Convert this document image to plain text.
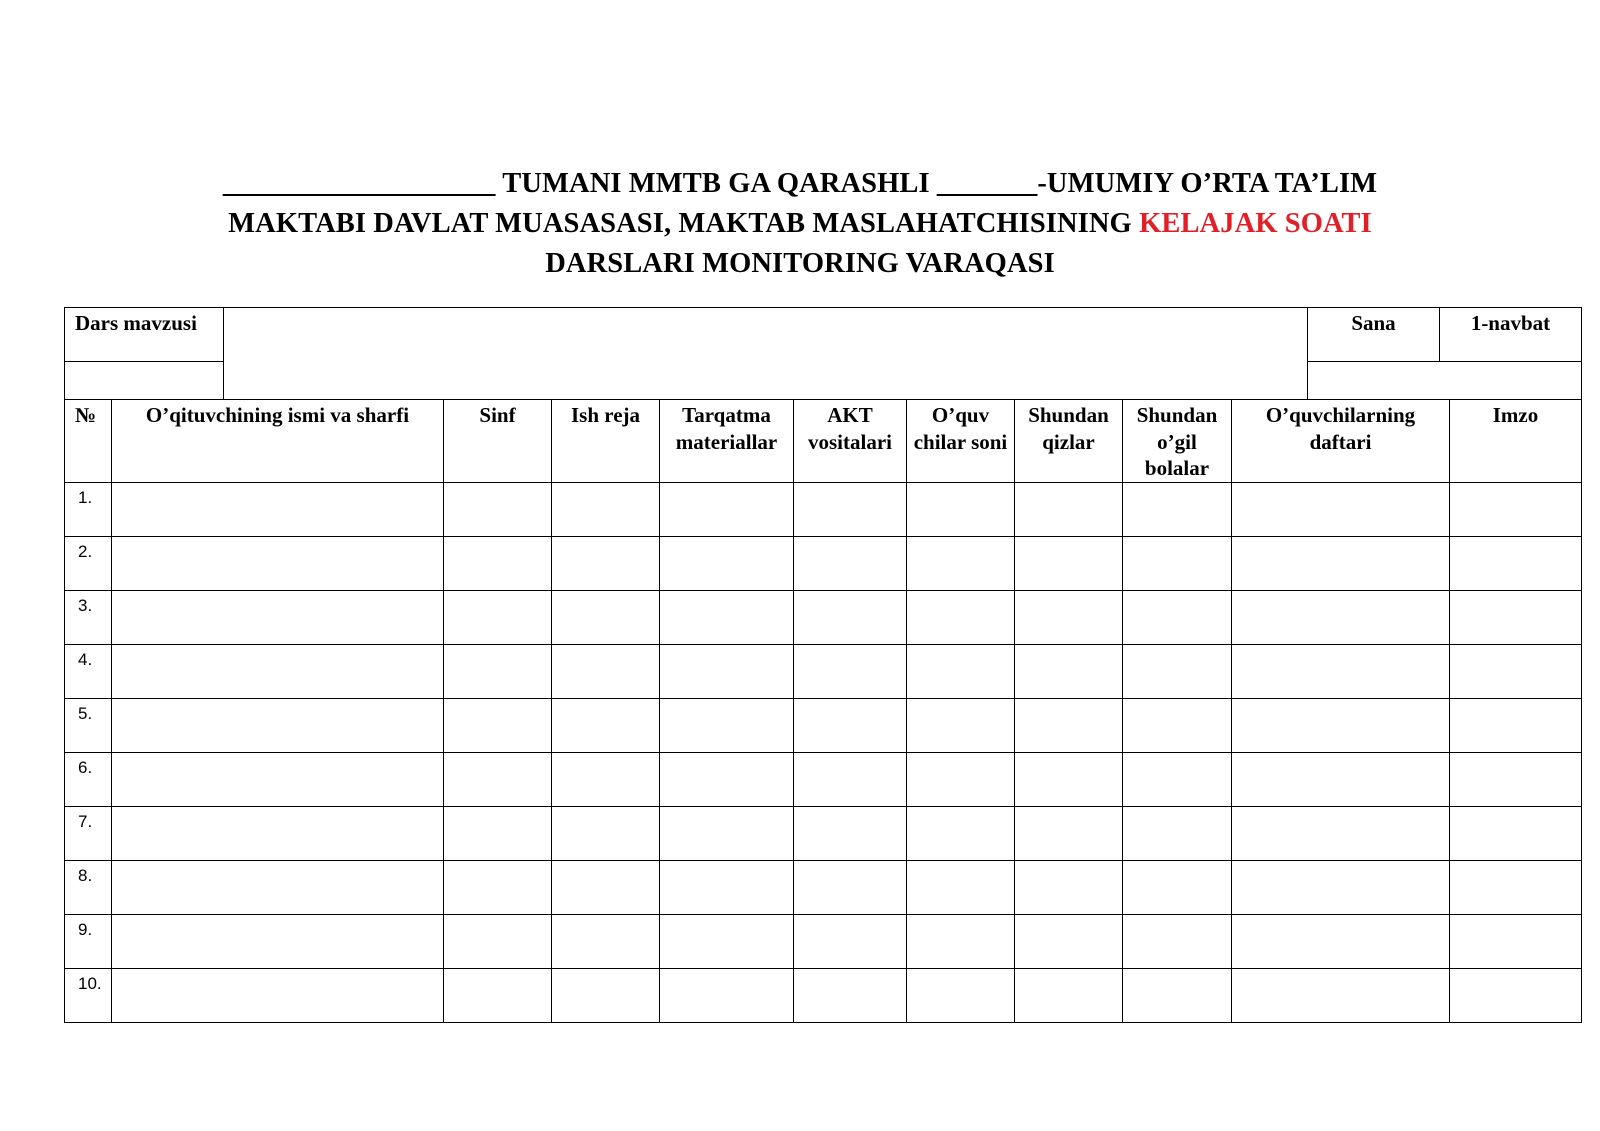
___________________ TUMANI MMTB GA QARASHLI _______-UMUMIY O’RTA TA’LIM
MAKTABI DAVLAT MUASASASI, MAKTAB MASLAHATCHISINING KELAJAK SOATI
DARSLARI MONITORING VARAQASI
Dars mavzusi		Sana	1-navbat

№	O’qituvchining ismi va sharfi	Sinf	Ish reja	Tarqatma materiallar	AKT vositalari	O’quv chilar soni	Shundan qizlar	Shundan o’gil bolalar	O’quvchilarning daftari	Imzo
1.										
2.										
3.										
4.										
5.										
6.										
7.										
8.										
9.										
10.										
